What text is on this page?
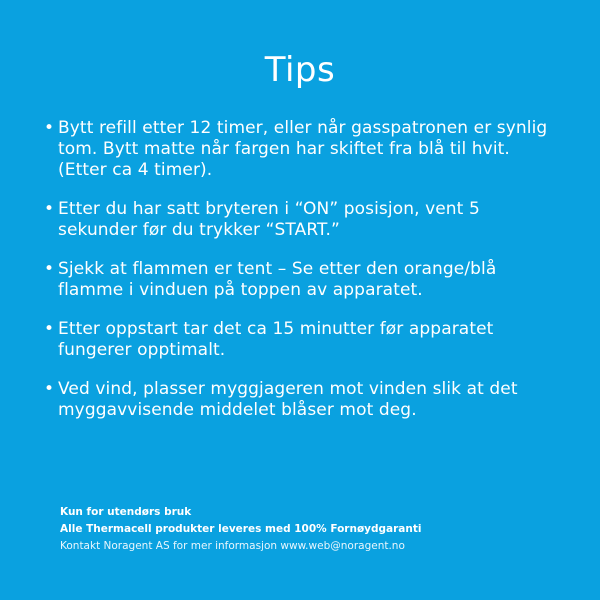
Tips
• Bytt refill etter 12 timer, eller når gasspatronen er synlig tom. Bytt matte når fargen har skiftet fra blå til hvit. (Etter ca 4 timer).
• Etter du har satt bryteren i “ON” posisjon, vent 5 sekunder før du trykker “START.”
• Sjekk at flammen er tent – Se etter den orange/blå flamme i vinduen på toppen av apparatet.
• Etter oppstart tar det ca 15 minutter før apparatet fungerer opptimalt.
• Ved vind, plasser myggjageren mot vinden slik at det myggavvisende middelet blåser mot deg.
Kun for utendørs bruk
Alle Thermacell produkter leveres med 100% Fornøydgaranti
Kontakt Noragent AS for mer informasjon www.web@noragent.no
